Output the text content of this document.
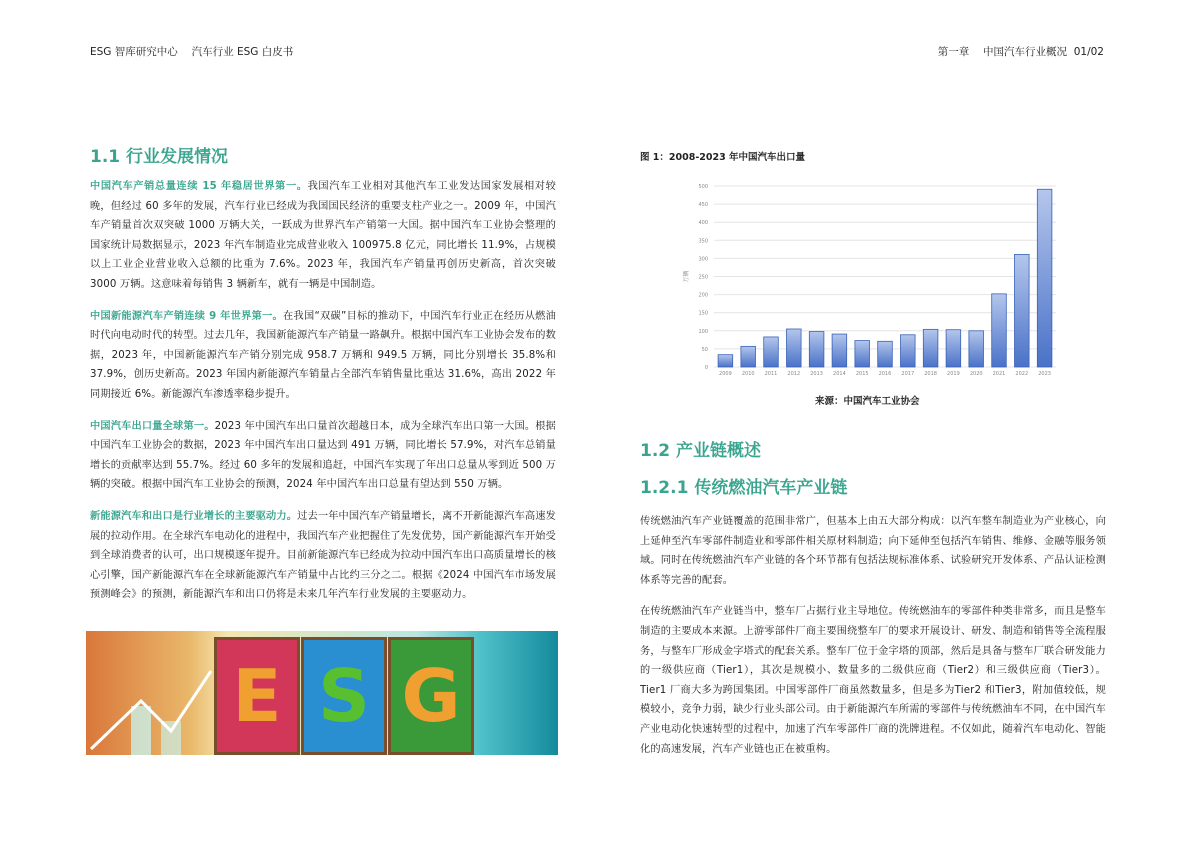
ESG 智库研究中心　 汽车行业 ESG 白皮书	第一章　 中国汽车行业概况  01/02
1.1 行业发展情况

中国汽车产销总量连续 15 年稳居世界第一。我国汽车工业相对其他汽车工业发达国家发展相对较晚，但经过 60 多年的发展，汽车行业已经成为我国国民经济的重要支柱产业之一。2009 年，中国汽车产销量首次双突破 1000 万辆大关，一跃成为世界汽车产销第一大国。据中国汽车工业协会整理的国家统计局数据显示，2023 年汽车制造业完成营业收入 100975.8 亿元，同比增长 11.9%，占规模以上工业企业营业收入总额的比重为 7.6%。2023 年，我国汽车产销量再创历史新高，首次突破 3000 万辆。这意味着每销售 3 辆新车，就有一辆是中国制造。

中国新能源汽车产销连续 9 年世界第一。在我国“双碳”目标的推动下，中国汽车行业正在经历从燃油时代向电动时代的转型。过去几年，我国新能源汽车产销量一路飙升。根据中国汽车工业协会发布的数据，2023 年，中国新能源汽车产销分别完成 958.7 万辆和 949.5 万辆，同比分别增长 35.8%和 37.9%，创历史新高。2023 年国内新能源汽车销量占全部汽车销售量比重达 31.6%，高出 2022 年同期接近 6%。新能源汽车渗透率稳步提升。

中国汽车出口量全球第一。2023 年中国汽车出口量首次超越日本，成为全球汽车出口第一大国。根据中国汽车工业协会的数据，2023 年中国汽车出口量达到 491 万辆，同比增长 57.9%，对汽车总销量增长的贡献率达到 55.7%。经过 60 多年的发展和追赶，中国汽车实现了年出口总量从零到近 500 万辆的突破。根据中国汽车工业协会的预测，2024 年中国汽车出口总量有望达到 550 万辆。

新能源汽车和出口是行业增长的主要驱动力。过去一年中国汽车产销量增长，离不开新能源汽车高速发展的拉动作用。在全球汽车电动化的进程中，我国汽车产业把握住了先发优势，国产新能源汽车开始受到全球消费者的认可，出口规模逐年提升。目前新能源汽车已经成为拉动中国汽车出口高质量增长的核心引擎，国产新能源汽车在全球新能源汽车产销量中占比约三分之二。根据《2024 中国汽车市场发展预测峰会》的预测，新能源汽车和出口仍将是未来几年汽车行业发展的主要驱动力。

E S G
图 1：2008-2023 年中国汽车出口量
0
50
100
150
200
250
300
350
400
450
500
万辆
2009 2010 2011 2012 2013 2014 2015 2016 2017 2018 2019 2020 2021 2022 2023
来源：中国汽车工业协会
1.2 产业链概述
1.2.1 传统燃油汽车产业链

传统燃油汽车产业链覆盖的范围非常广，但基本上由五大部分构成：以汽车整车制造业为产业核心，向上延伸至汽车零部件制造业和零部件相关原材料制造；向下延伸至包括汽车销售、维修、金融等服务领域。同时在传统燃油汽车产业链的各个环节都有包括法规标准体系、试验研究开发体系、产品认证检测体系等完善的配套。

在传统燃油汽车产业链当中，整车厂占据行业主导地位。传统燃油车的零部件种类非常多，而且是整车制造的主要成本来源。上游零部件厂商主要围绕整车厂的要求开展设计、研发、制造和销售等全流程服务，与整车厂形成金字塔式的配套关系。整车厂位于金字塔的顶部，然后是具备与整车厂联合研发能力的一级供应商（Tier1），其次是规模小、数量多的二级供应商（Tier2）和三级供应商（Tier3）。Tier1 厂商大多为跨国集团。中国零部件厂商虽然数量多，但是多为Tier2 和Tier3，附加值较低，规模较小，竞争力弱，缺少行业头部公司。由于新能源汽车所需的零部件与传统燃油车不同，在中国汽车产业电动化快速转型的过程中，加速了汽车零部件厂商的洗牌进程。不仅如此，随着汽车电动化、智能化的高速发展，汽车产业链也正在被重构。
